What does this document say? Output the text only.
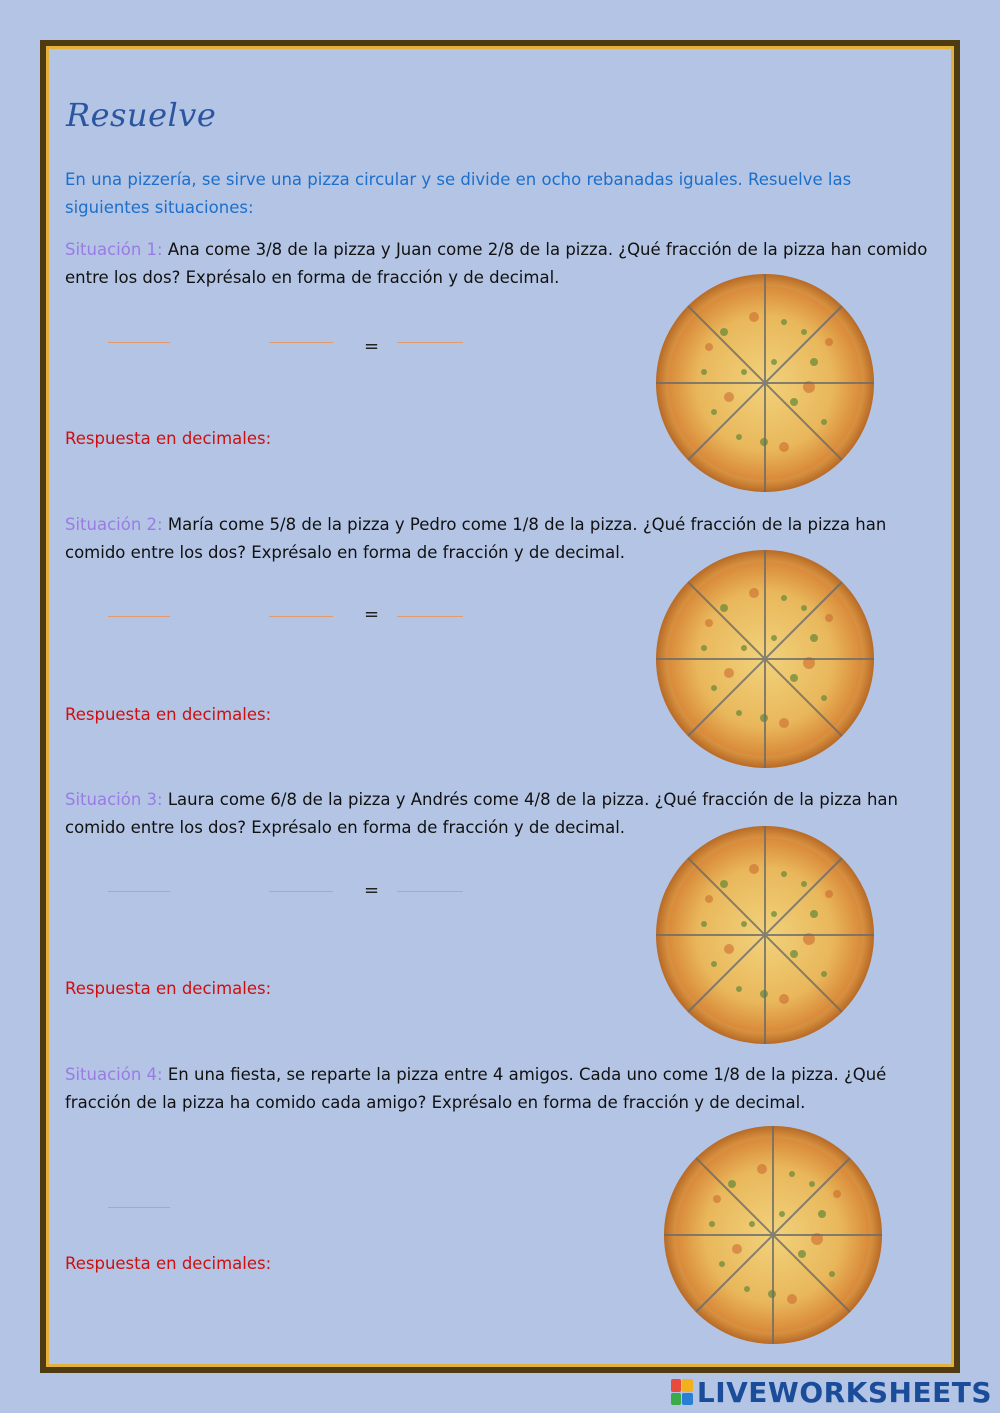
Resuelve
En una pizzería, se sirve una pizza circular y se divide en ocho rebanadas iguales. Resuelve las siguientes situaciones:
Situación 1: Ana come 3/8 de la pizza y Juan come 2/8 de la pizza. ¿Qué fracción de la pizza han comido entre los dos? Exprésalo en forma de fracción y de decimal.
=
Respuesta en decimales:
Situación 2: María come 5/8 de la pizza y Pedro come 1/8 de la pizza. ¿Qué fracción de la pizza han comido entre los dos? Exprésalo en forma de fracción y de decimal.
=
Respuesta en decimales:
Situación 3: Laura come 6/8 de la pizza y Andrés come 4/8 de la pizza. ¿Qué fracción de la pizza han comido entre los dos? Exprésalo en forma de fracción y de decimal.
=
Respuesta en decimales:
Situación 4: En una fiesta, se reparte la pizza entre 4 amigos. Cada uno come 1/8 de la pizza. ¿Qué fracción de la pizza ha comido cada amigo? Exprésalo en forma de fracción y de decimal.
Respuesta en decimales:
LIVEWORKSHEETS
